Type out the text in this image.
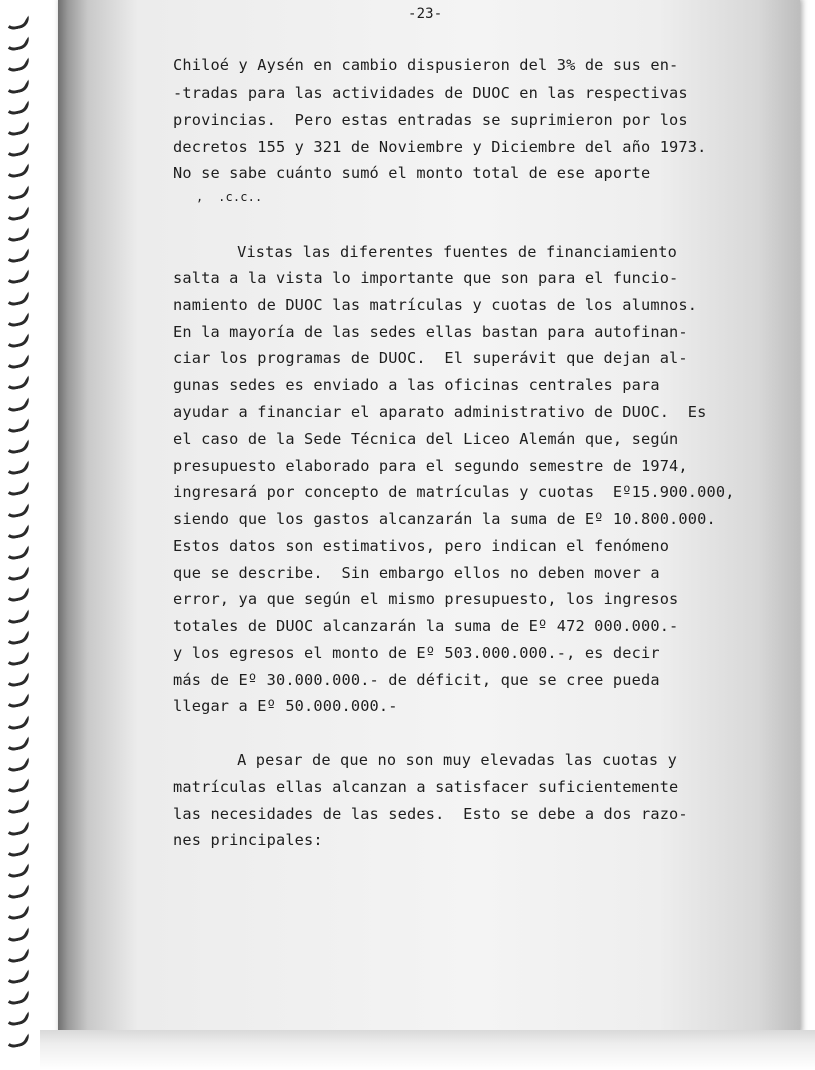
-23-
Chiloé y Aysén en cambio dispusieron del 3% de sus en-
-tradas para las actividades de DUOC en las respectivas
provincias.  Pero estas entradas se suprimieron por los
decretos 155 y 321 de Noviembre y Diciembre del año 1973.
No se sabe cuánto sumó el monto total de ese aporte
,  .c.c..
Vistas las diferentes fuentes de financiamiento
salta a la vista lo importante que son para el funcio-
namiento de DUOC las matrículas y cuotas de los alumnos.
En la mayoría de las sedes ellas bastan para autofinan-
ciar los programas de DUOC.  El superávit que dejan al-
gunas sedes es enviado a las oficinas centrales para
ayudar a financiar el aparato administrativo de DUOC.  Es
el caso de la Sede Técnica del Liceo Alemán que, según
presupuesto elaborado para el segundo semestre de 1974,
ingresará por concepto de matrículas y cuotas  Eº15.900.000,
siendo que los gastos alcanzarán la suma de Eº 10.800.000.
Estos datos son estimativos, pero indican el fenómeno
que se describe.  Sin embargo ellos no deben mover a
error, ya que según el mismo presupuesto, los ingresos
totales de DUOC alcanzarán la suma de Eº 472 000.000.-
y los egresos el monto de Eº 503.000.000.-, es decir
más de Eº 30.000.000.- de déficit, que se cree pueda
llegar a Eº 50.000.000.-
A pesar de que no son muy elevadas las cuotas y
matrículas ellas alcanzan a satisfacer suficientemente
las necesidades de las sedes.  Esto se debe a dos razo-
nes principales:
